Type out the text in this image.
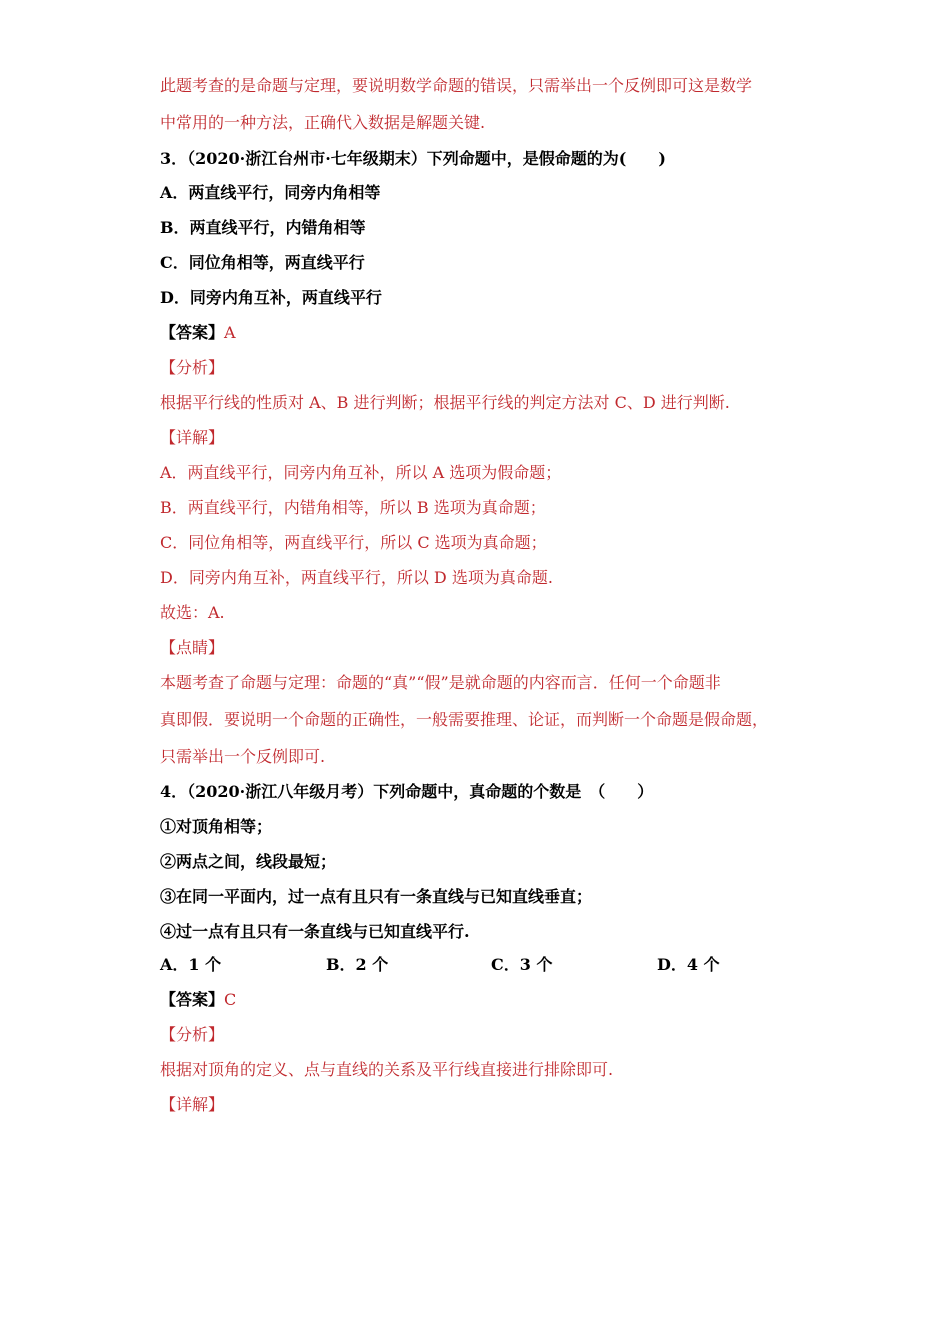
此题考查的是命题与定理，要说明数学命题的错误，只需举出一个反例即可这是数学
中常用的一种方法，正确代入数据是解题关键.
3．（2020·浙江台州市·七年级期末）下列命题中，是假命题的为(　　)
A．两直线平行，同旁内角相等
B．两直线平行，内错角相等
C．同位角相等，两直线平行
D．同旁内角互补，两直线平行
【答案】A
【分析】
根据平行线的性质对 A、B 进行判断；根据平行线的判定方法对 C、D 进行判断.
【详解】
A．两直线平行，同旁内角互补，所以 A 选项为假命题；
B．两直线平行，内错角相等，所以 B 选项为真命题；
C．同位角相等，两直线平行，所以 C 选项为真命题；
D．同旁内角互补，两直线平行，所以 D 选项为真命题.
故选：A.
【点睛】
本题考查了命题与定理：命题的“真”“假”是就命题的内容而言．任何一个命题非
真即假．要说明一个命题的正确性，一般需要推理、论证，而判断一个命题是假命题，
只需举出一个反例即可.
4．（2020·浙江八年级月考）下列命题中，真命题的个数是　（　　）
①对顶角相等；
②两点之间，线段最短；
③在同一平面内，过一点有且只有一条直线与已知直线垂直；
④过一点有且只有一条直线与已知直线平行.
A．1 个	B．2 个	C．3 个	D．4 个
【答案】C
【分析】
根据对顶角的定义、点与直线的关系及平行线直接进行排除即可.
【详解】
